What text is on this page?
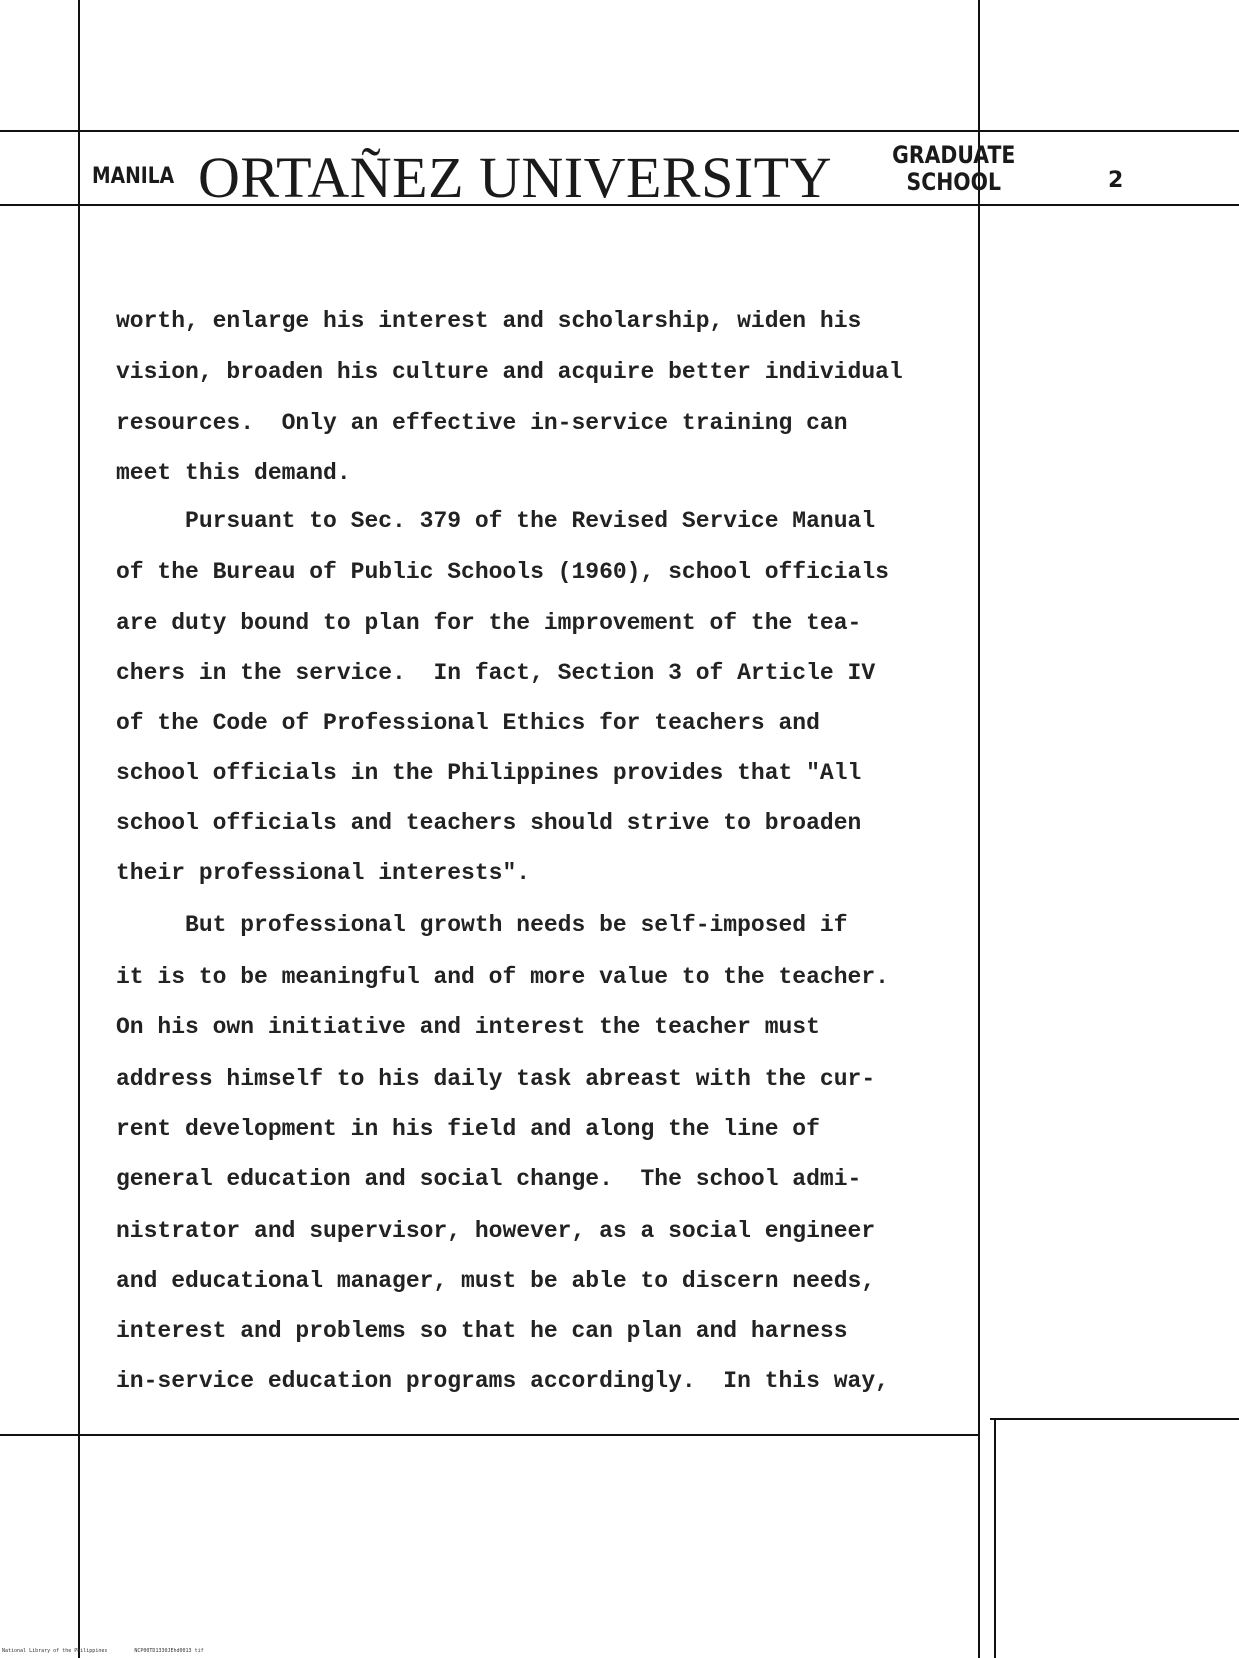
MANILA ORTAÑEZ UNIVERSITY	GRADUATE
SCHOOL	2
worth, enlarge his interest and scholarship, widen his
vision, broaden his culture and acquire better individual
resources.  Only an effective in-service training can
meet this demand.
Pursuant to Sec. 379 of the Revised Service Manual
of the Bureau of Public Schools (1960), school officials
are duty bound to plan for the improvement of the tea-
chers in the service.  In fact, Section 3 of Article IV
of the Code of Professional Ethics for teachers and
school officials in the Philippines provides that "All
school officials and teachers should strive to broaden
their professional interests".
But professional growth needs be self-imposed if
it is to be meaningful and of more value to the teacher.
On his own initiative and interest the teacher must
address himself to his daily task abreast with the cur-
rent development in his field and along the line of
general education and social change.  The school admi-
nistrator and supervisor, however, as a social engineer
and educational manager, must be able to discern needs,
interest and problems so that he can plan and harness
in-service education programs accordingly.  In this way,
National Library of the Philippines	NCP00TD1330JEhd0013 tif
